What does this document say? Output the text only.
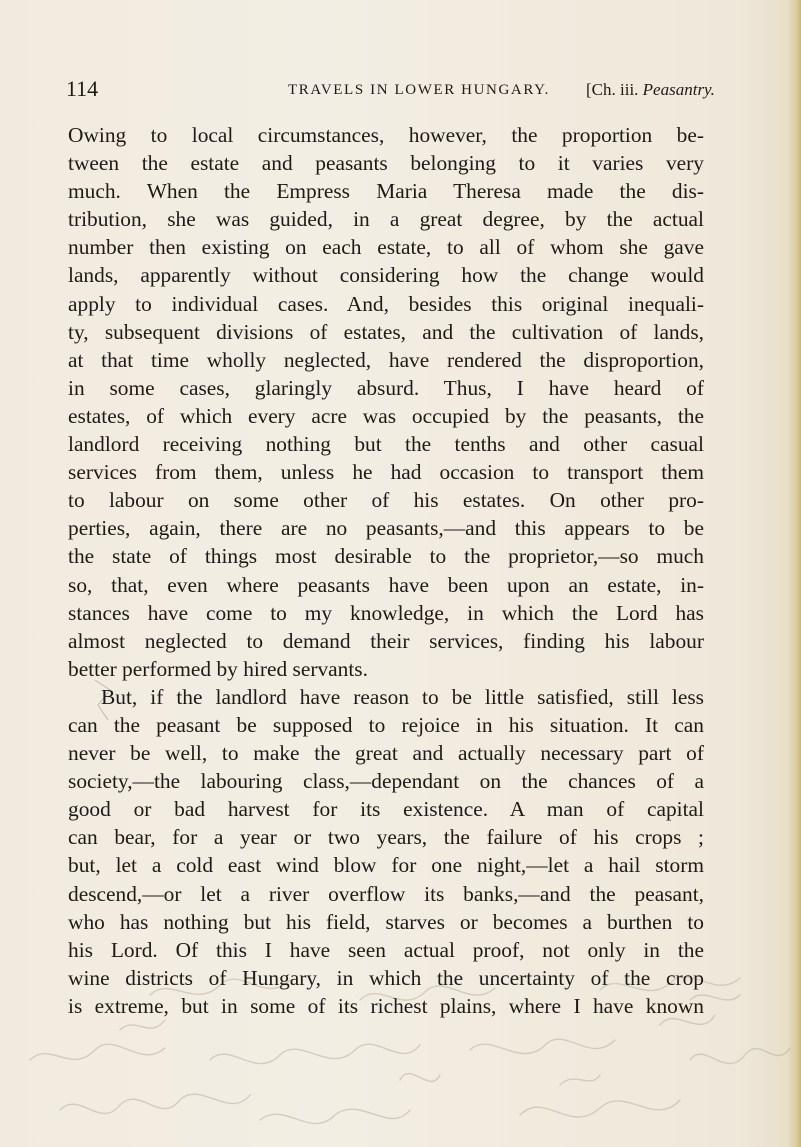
114	TRAVELS IN LOWER HUNGARY. [Ch. iii. Peasantry.

Owing to local circumstances, however, the proportion be-
tween the estate and peasants belonging to it varies very
much. When the Empress Maria Theresa made the dis-
tribution, she was guided, in a great degree, by the actual
number then existing on each estate, to all of whom she gave
lands, apparently without considering how the change would
apply to individual cases. And, besides this original inequali-
ty, subsequent divisions of estates, and the cultivation of lands,
at that time wholly neglected, have rendered the disproportion,
in some cases, glaringly absurd. Thus, I have heard of
estates, of which every acre was occupied by the peasants, the
landlord receiving nothing but the tenths and other casual
services from them, unless he had occasion to transport them
to labour on some other of his estates. On other pro-
perties, again, there are no peasants,—and this appears to be
the state of things most desirable to the proprietor,—so much
so, that, even where peasants have been upon an estate, in-
stances have come to my knowledge, in which the Lord has
almost neglected to demand their services, finding his labour
better performed by hired servants.

But, if the landlord have reason to be little satisfied, still less
can the peasant be supposed to rejoice in his situation. It can
never be well, to make the great and actually necessary part of
society,—the labouring class,—dependant on the chances of a
good or bad harvest for its existence. A man of capital
can bear, for a year or two years, the failure of his crops ;
but, let a cold east wind blow for one night,—let a hail storm
descend,—or let a river overflow its banks,—and the peasant,
who has nothing but his field, starves or becomes a burthen to
his Lord. Of this I have seen actual proof, not only in the
wine districts of Hungary, in which the uncertainty of the crop
is extreme, but in some of its richest plains, where I have known
